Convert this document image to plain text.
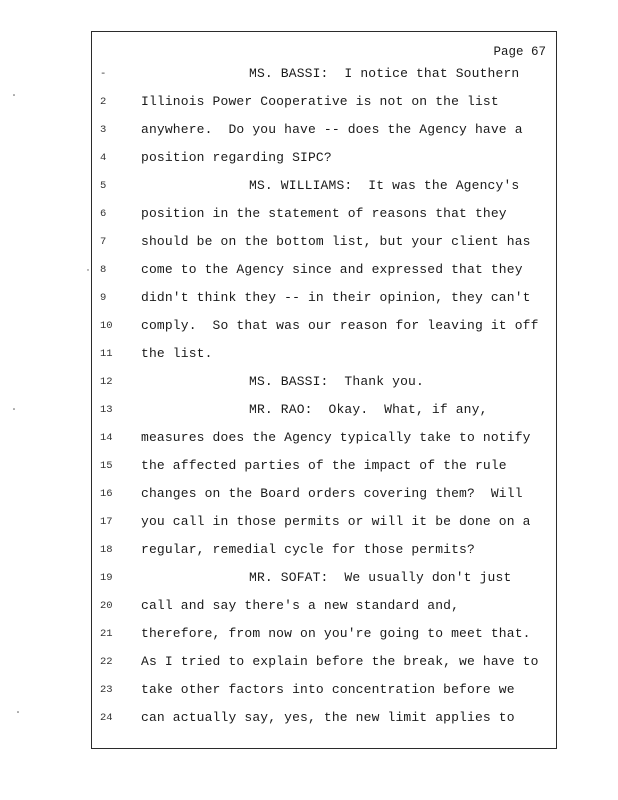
Page 67
-	MS. BASSI:  I notice that Southern
2	Illinois Power Cooperative is not on the list
3	anywhere.  Do you have -- does the Agency have a
4	position regarding SIPC?
5	MS. WILLIAMS:  It was the Agency's
6	position in the statement of reasons that they
7	should be on the bottom list, but your client has
8	come to the Agency since and expressed that they
9	didn't think they -- in their opinion, they can't
10	comply.  So that was our reason for leaving it off
11	the list.
12	MS. BASSI:  Thank you.
13	MR. RAO:  Okay.  What, if any,
14	measures does the Agency typically take to notify
15	the affected parties of the impact of the rule
16	changes on the Board orders covering them?  Will
17	you call in those permits or will it be done on a
18	regular, remedial cycle for those permits?
19	MR. SOFAT:  We usually don't just
20	call and say there's a new standard and,
21	therefore, from now on you're going to meet that.
22	As I tried to explain before the break, we have to
23	take other factors into concentration before we
24	can actually say, yes, the new limit applies to
